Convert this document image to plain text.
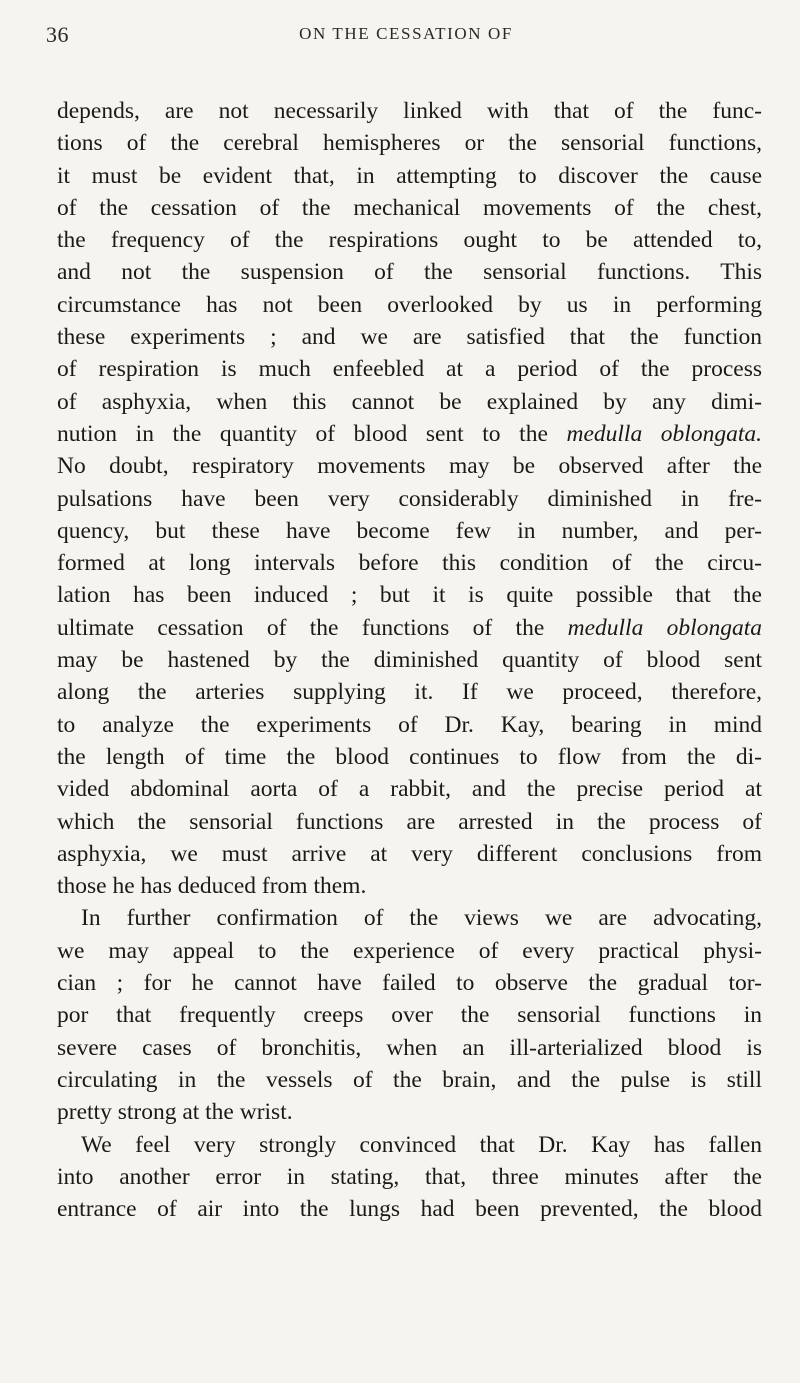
36	ON THE CESSATION OF
depends, are not necessarily linked with that of the func-
tions of the cerebral hemispheres or the sensorial functions,
it must be evident that, in attempting to discover the cause
of the cessation of the mechanical movements of the chest,
the frequency of the respirations ought to be attended to,
and not the suspension of the sensorial functions. This
circumstance has not been overlooked by us in performing
these experiments ; and we are satisfied that the function
of respiration is much enfeebled at a period of the process
of asphyxia, when this cannot be explained by any dimi-
nution in the quantity of blood sent to the medulla oblongata.
No doubt, respiratory movements may be observed after the
pulsations have been very considerably diminished in fre-
quency, but these have become few in number, and per-
formed at long intervals before this condition of the circu-
lation has been induced ; but it is quite possible that the
ultimate cessation of the functions of the medulla oblongata
may be hastened by the diminished quantity of blood sent
along the arteries supplying it. If we proceed, therefore,
to analyze the experiments of Dr. Kay, bearing in mind
the length of time the blood continues to flow from the di-
vided abdominal aorta of a rabbit, and the precise period at
which the sensorial functions are arrested in the process of
asphyxia, we must arrive at very different conclusions from
those he has deduced from them.
In further confirmation of the views we are advocating,
we may appeal to the experience of every practical physi-
cian ; for he cannot have failed to observe the gradual tor-
por that frequently creeps over the sensorial functions in
severe cases of bronchitis, when an ill-arterialized blood is
circulating in the vessels of the brain, and the pulse is still
pretty strong at the wrist.
We feel very strongly convinced that Dr. Kay has fallen
into another error in stating, that, three minutes after the
entrance of air into the lungs had been prevented, the blood
